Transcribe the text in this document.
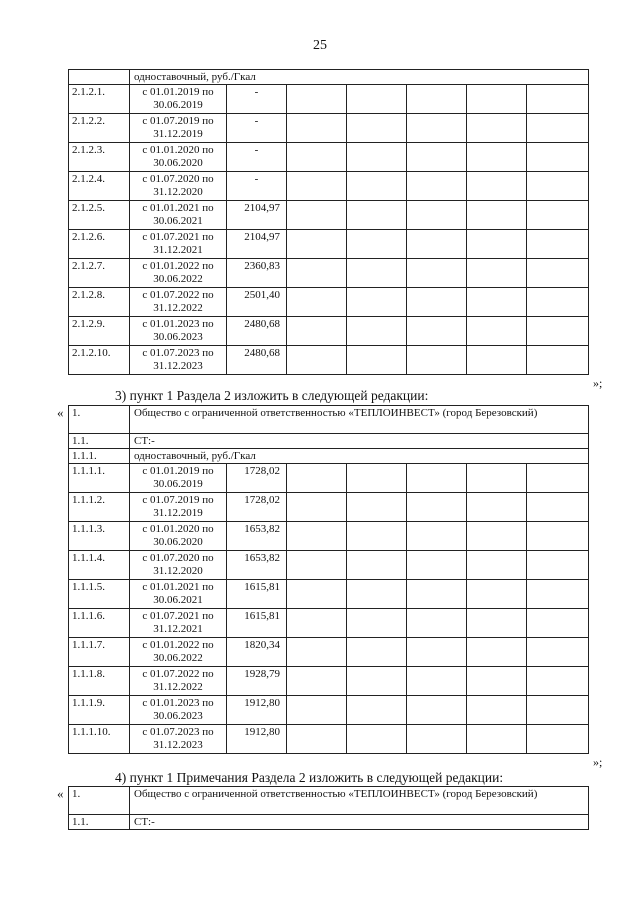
25
	одноставочный, руб./Гкал						
2.1.2.1.	с 01.01.2019 по 30.06.2019	-					
2.1.2.2.	с 01.07.2019 по 31.12.2019	-					
2.1.2.3.	с 01.01.2020 по 30.06.2020	-					
2.1.2.4.	с 01.07.2020 по 31.12.2020	-					
2.1.2.5.	с 01.01.2021 по 30.06.2021	2104,97					
2.1.2.6.	с 01.07.2021 по 31.12.2021	2104,97					
2.1.2.7.	с 01.01.2022 по 30.06.2022	2360,83					
2.1.2.8.	с 01.07.2022 по 31.12.2022	2501,40					
2.1.2.9.	с 01.01.2023 по 30.06.2023	2480,68					
2.1.2.10.	с 01.07.2023 по 31.12.2023	2480,68					
»;
3) пункт 1 Раздела 2 изложить в следующей редакции:
« 1.	Общество с ограниченной ответственностью «ТЕПЛОИНВЕСТ» (город Березовский)						
1.1.	СТ:-						
1.1.1.	одноставочный, руб./Гкал						
1.1.1.1.	с 01.01.2019 по 30.06.2019	1728,02					
1.1.1.2.	с 01.07.2019 по 31.12.2019	1728,02					
1.1.1.3.	с 01.01.2020 по 30.06.2020	1653,82					
1.1.1.4.	с 01.07.2020 по 31.12.2020	1653,82					
1.1.1.5.	с 01.01.2021 по 30.06.2021	1615,81					
1.1.1.6.	с 01.07.2021 по 31.12.2021	1615,81					
1.1.1.7.	с 01.01.2022 по 30.06.2022	1820,34					
1.1.1.8.	с 01.07.2022 по 31.12.2022	1928,79					
1.1.1.9.	с 01.01.2023 по 30.06.2023	1912,80					
1.1.1.10.	с 01.07.2023 по 31.12.2023	1912,80					
»;
4) пункт 1 Примечания Раздела 2 изложить в следующей редакции:
« 1.	Общество с ограниченной ответственностью «ТЕПЛОИНВЕСТ» (город Березовский)
1.1.	СТ:-
